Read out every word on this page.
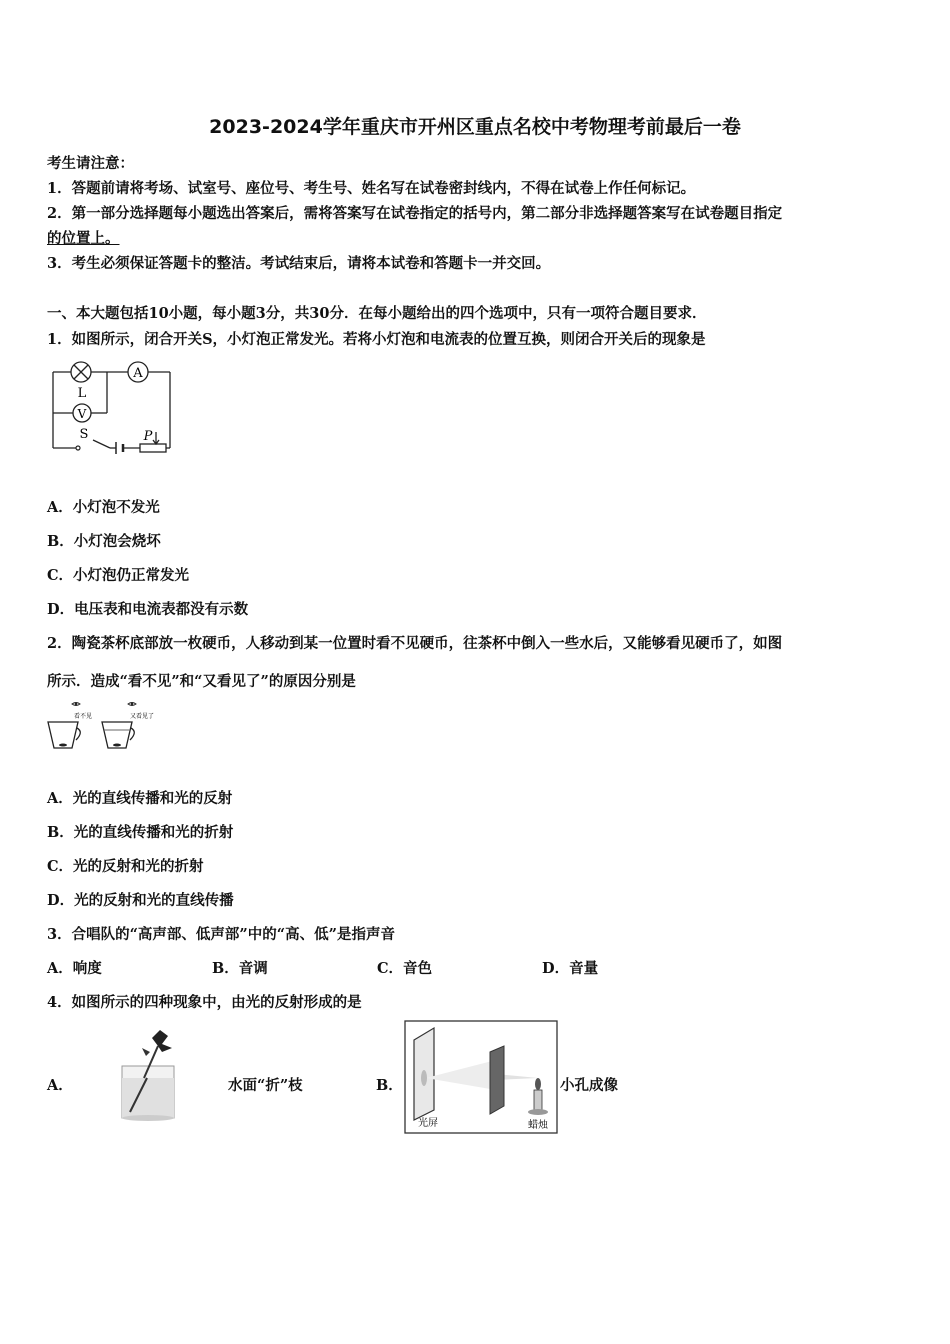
2023-2024学年重庆市开州区重点名校中考物理考前最后一卷
考生请注意：
1．答题前请将考场、试室号、座位号、考生号、姓名写在试卷密封线内，不得在试卷上作任何标记。
2．第一部分选择题每小题选出答案后，需将答案写在试卷指定的括号内，第二部分非选择题答案写在试卷题目指定
的位置上。
3．考生必须保证答题卡的整洁。考试结束后，请将本试卷和答题卡一并交回。
一、本大题包括10小题，每小题3分，共30分．在每小题给出的四个选项中，只有一项符合题目要求．
1．如图所示，闭合开关S，小灯泡正常发光。若将小灯泡和电流表的位置互换，则闭合开关后的现象是
A
V
L
S	P
A．小灯泡不发光
B．小灯泡会烧坏
C．小灯泡仍正常发光
D．电压表和电流表都没有示数
2．陶瓷茶杯底部放一枚硬币，人移动到某一位置时看不见硬币，往茶杯中倒入一些水后，又能够看见硬币了，如图
所示．造成“看不见”和“又看见了”的原因分别是
看不见	又看见了
A．光的直线传播和光的反射
B．光的直线传播和光的折射
C．光的反射和光的折射
D．光的反射和光的直线传播
3．合唱队的“高声部、低声部”中的“高、低”是指声音
A．响度	B．音调	C．音色	D．音量
4．如图所示的四种现象中，由光的反射形成的是
A．	水面“折”枝	B．
光屏	蜡烛
小孔成像
